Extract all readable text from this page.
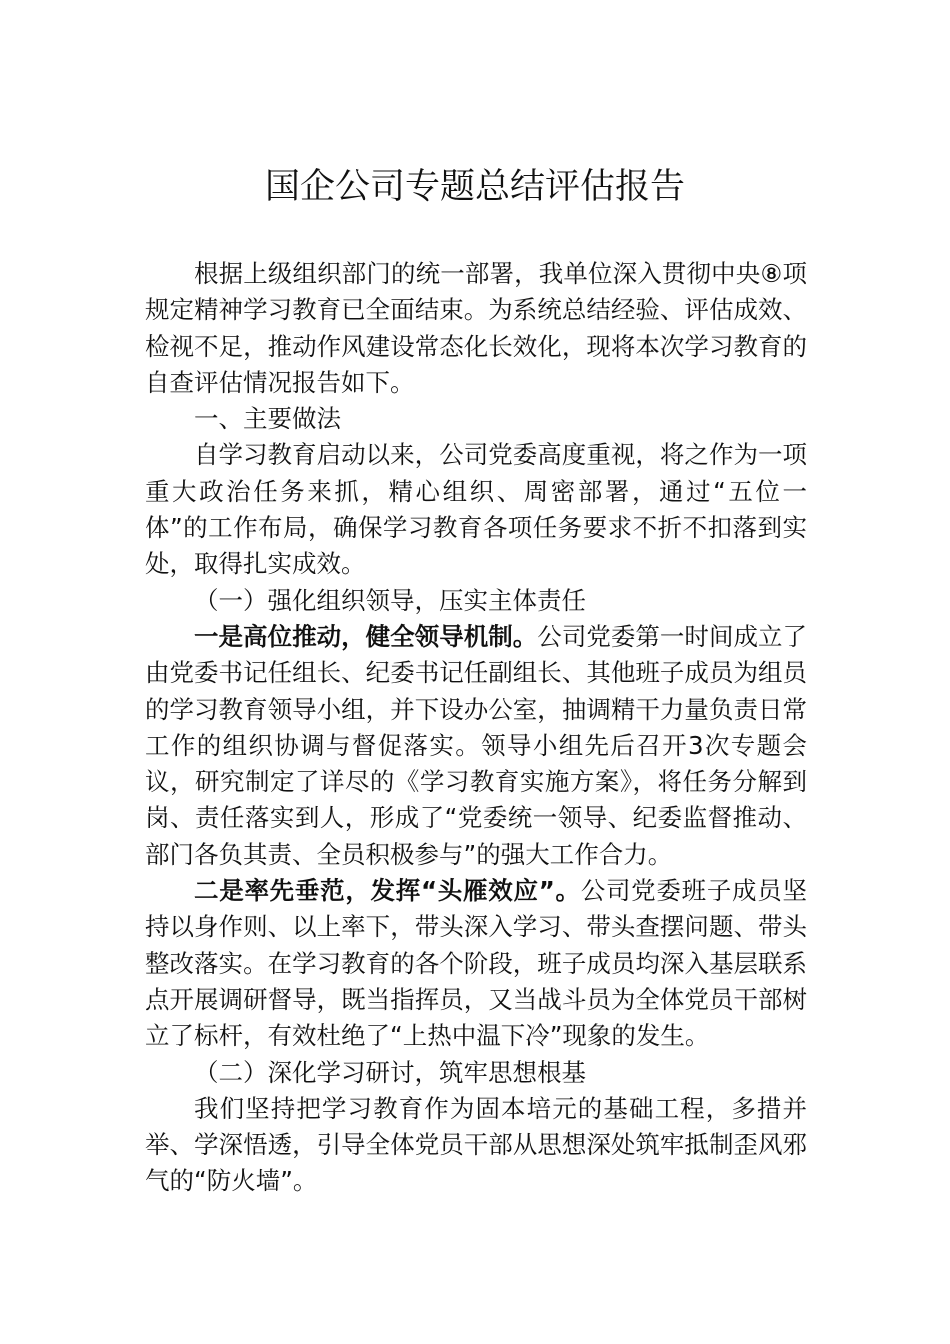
国企公司专题总结评估报告

根据上级组织部门的统一部署，我单位深入贯彻中央⑧项规定精神学习教育已全面结束。为系统总结经验、评估成效、检视不足，推动作风建设常态化长效化，现将本次学习教育的自查评估情况报告如下。

一、主要做法

自学习教育启动以来，公司党委高度重视，将之作为一项重大政治任务来抓，精心组织、周密部署，通过“五位一体”的工作布局，确保学习教育各项任务要求不折不扣落到实处，取得扎实成效。

（一）强化组织领导，压实主体责任

一是高位推动，健全领导机制。公司党委第一时间成立了由党委书记任组长、纪委书记任副组长、其他班子成员为组员的学习教育领导小组，并下设办公室，抽调精干力量负责日常工作的组织协调与督促落实。领导小组先后召开3次专题会议，研究制定了详尽的《学习教育实施方案》，将任务分解到岗、责任落实到人，形成了“党委统一领导、纪委监督推动、部门各负其责、全员积极参与”的强大工作合力。

二是率先垂范，发挥“头雁效应”。公司党委班子成员坚持以身作则、以上率下，带头深入学习、带头查摆问题、带头整改落实。在学习教育的各个阶段，班子成员均深入基层联系点开展调研督导，既当指挥员，又当战斗员为全体党员干部树立了标杆，有效杜绝了“上热中温下冷”现象的发生。

（二）深化学习研讨，筑牢思想根基

我们坚持把学习教育作为固本培元的基础工程，多措并举、学深悟透，引导全体党员干部从思想深处筑牢抵制歪风邪气的“防火墙”。
